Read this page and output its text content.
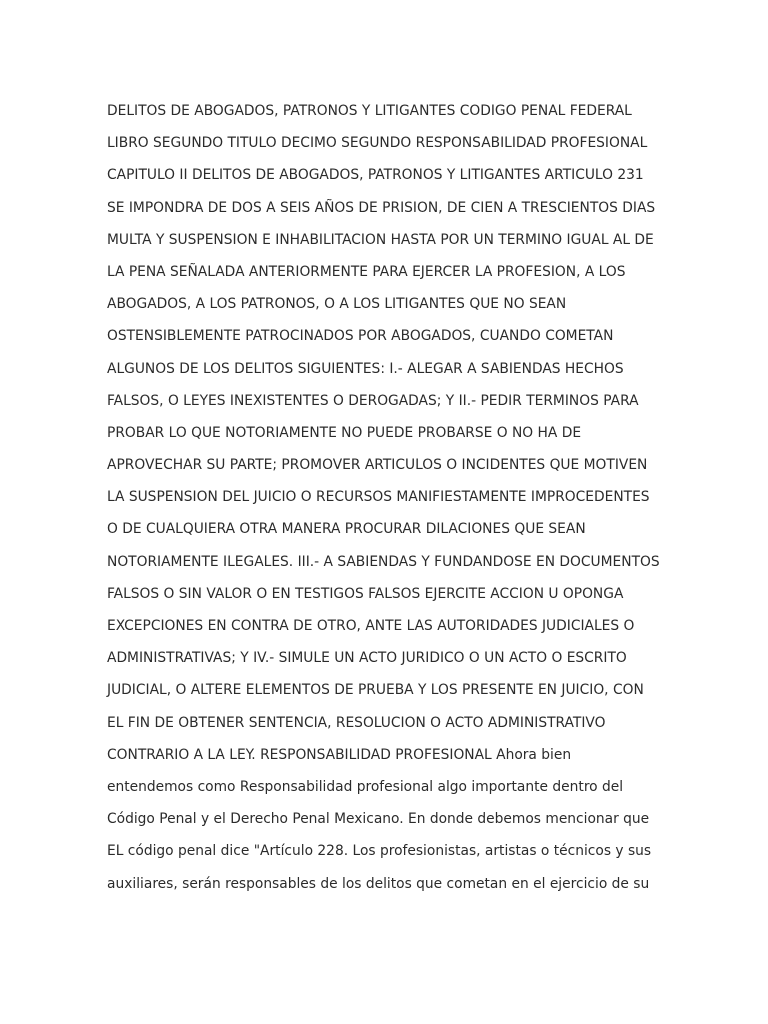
DELITOS DE ABOGADOS, PATRONOS Y LITIGANTES CODIGO PENAL FEDERAL
LIBRO SEGUNDO TITULO DECIMO SEGUNDO RESPONSABILIDAD PROFESIONAL
CAPITULO II DELITOS DE ABOGADOS, PATRONOS Y LITIGANTES ARTICULO 231
SE IMPONDRA DE DOS A SEIS AÑOS DE PRISION, DE CIEN A TRESCIENTOS DIAS
MULTA Y SUSPENSION E INHABILITACION HASTA POR UN TERMINO IGUAL AL DE
LA PENA SEÑALADA ANTERIORMENTE PARA EJERCER LA PROFESION, A LOS
ABOGADOS, A LOS PATRONOS, O A LOS LITIGANTES QUE NO SEAN
OSTENSIBLEMENTE PATROCINADOS POR ABOGADOS, CUANDO COMETAN
ALGUNOS DE LOS DELITOS SIGUIENTES: I.- ALEGAR A SABIENDAS HECHOS
FALSOS, O LEYES INEXISTENTES O DEROGADAS; Y II.- PEDIR TERMINOS PARA
PROBAR LO QUE NOTORIAMENTE NO PUEDE PROBARSE O NO HA DE
APROVECHAR SU PARTE; PROMOVER ARTICULOS O INCIDENTES QUE MOTIVEN
LA SUSPENSION DEL JUICIO O RECURSOS MANIFIESTAMENTE IMPROCEDENTES
O DE CUALQUIERA OTRA MANERA PROCURAR DILACIONES QUE SEAN
NOTORIAMENTE ILEGALES. III.- A SABIENDAS Y FUNDANDOSE EN DOCUMENTOS
FALSOS O SIN VALOR O EN TESTIGOS FALSOS EJERCITE ACCION U OPONGA
EXCEPCIONES EN CONTRA DE OTRO, ANTE LAS AUTORIDADES JUDICIALES O
ADMINISTRATIVAS; Y IV.- SIMULE UN ACTO JURIDICO O UN ACTO O ESCRITO
JUDICIAL, O ALTERE ELEMENTOS DE PRUEBA Y LOS PRESENTE EN JUICIO, CON
EL FIN DE OBTENER SENTENCIA, RESOLUCION O ACTO ADMINISTRATIVO
CONTRARIO A LA LEY. RESPONSABILIDAD PROFESIONAL Ahora bien
entendemos como Responsabilidad profesional algo importante dentro del
Código Penal y el Derecho Penal Mexicano. En donde debemos mencionar que
EL código penal dice "Artículo 228. Los profesionistas, artistas o técnicos y sus
auxiliares, serán responsables de los delitos que cometan en el ejercicio de su
